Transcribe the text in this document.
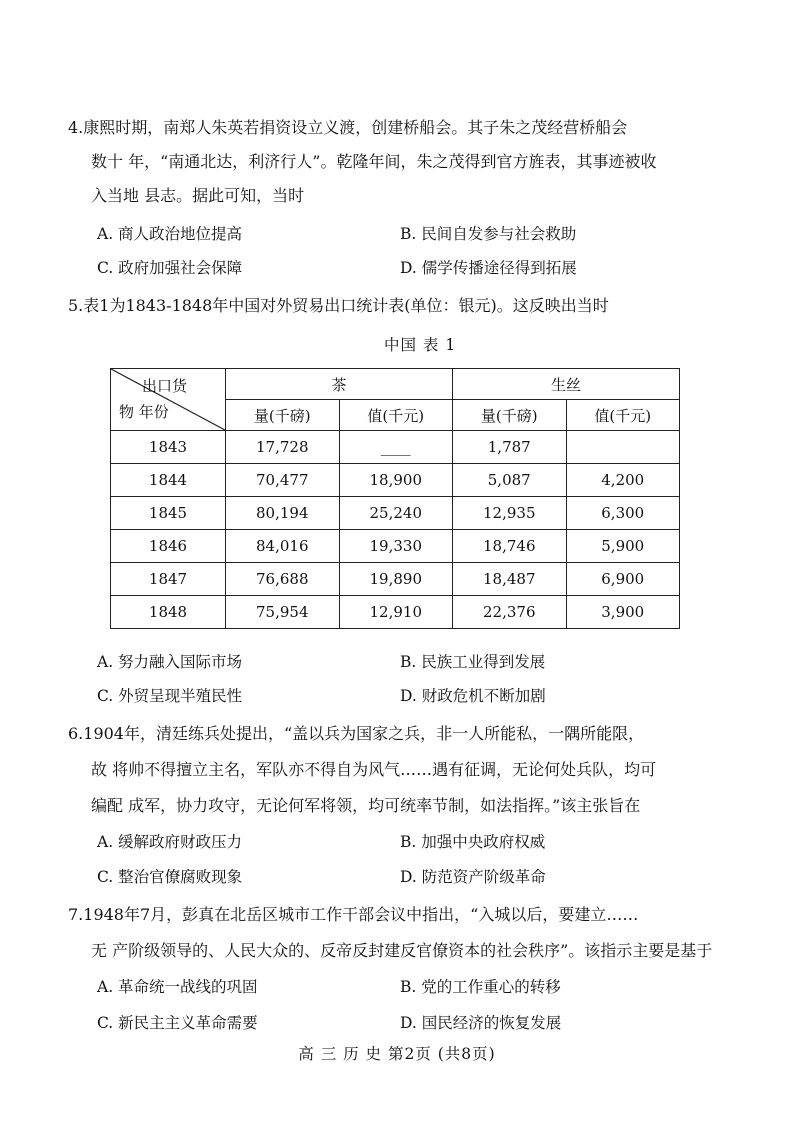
4.康熙时期，南郑人朱英若捐资设立义渡，创建桥船会。其子朱之茂经营桥船会
数十 年，“南通北达，利济行人”。乾隆年间，朱之茂得到官方旌表，其事迹被收
入当地 县志。据此可知，当时
A. 商人政治地位提高	B. 民间自发参与社会救助
C. 政府加强社会保障	D. 儒学传播途径得到拓展
5.表1为1843-1848年中国对外贸易出口统计表(单位：银元)。这反映出当时
中国 表 1
出口货
物 年份	茶		生丝	
	量(千磅)	值(千元)	量(千磅)	值(千元)
1843	17,728	____	1,787	
1844	70,477	18,900	5,087	4,200
1845	80,194	25,240	12,935	6,300
1846	84,016	19,330	18,746	5,900
1847	76,688	19,890	18,487	6,900
1848	75,954	12,910	22,376	3,900
A. 努力融入国际市场	B. 民族工业得到发展
C. 外贸呈现半殖民性	D. 财政危机不断加剧
6.1904年，清廷练兵处提出，“盖以兵为国家之兵，非一人所能私，一隅所能限，
故 将帅不得擅立主名，军队亦不得自为风气……遇有征调，无论何处兵队，均可
编配 成军，协力攻守，无论何军将领，均可统率节制，如法指挥。”该主张旨在
A. 缓解政府财政压力	B. 加强中央政府权威
C. 整治官僚腐败现象	D. 防范资产阶级革命
7.1948年7月，彭真在北岳区城市工作干部会议中指出，“入城以后，要建立……
无 产阶级领导的、人民大众的、反帝反封建反官僚资本的社会秩序”。该指示主要是基于
A. 革命统一战线的巩固	B. 党的工作重心的转移
C. 新民主主义革命需要	D. 国民经济的恢复发展
高 三 历 史 第2页 (共8页)
